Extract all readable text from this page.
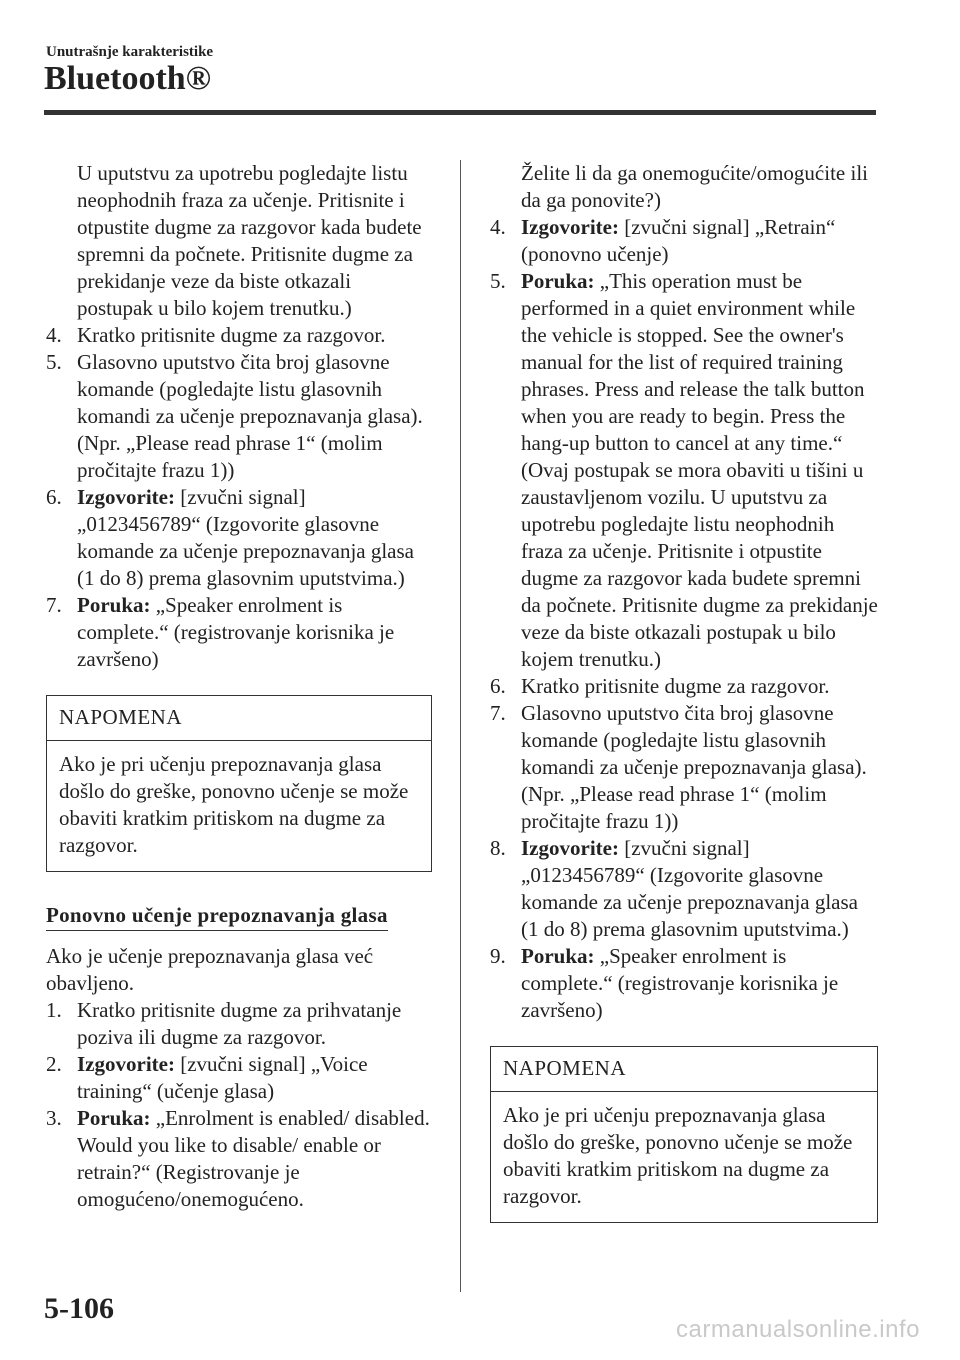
Unutrašnje karakteristike
Bluetooth®

U uputstvu za upotrebu pogledajte listu neophodnih fraza za učenje. Pritisnite i otpustite dugme za razgovor kada budete spremni da počnete. Pritisnite dugme za prekidanje veze da biste otkazali postupak u bilo kojem trenutku.)

4. Kratko pritisnite dugme za razgovor.
5. Glasovno uputstvo čita broj glasovne komande (pogledajte listu glasovnih komandi za učenje prepoznavanja glasa). (Npr. „Please read phrase 1“ (molim pročitajte frazu 1))
6. Izgovorite: [zvučni signal] „0123456789“ (Izgovorite glasovne komande za učenje prepoznavanja glasa (1 do 8) prema glasovnim uputstvima.)
7. Poruka: „Speaker enrolment is complete.“ (registrovanje korisnika je završeno)
NAPOMENA
Ako je pri učenju prepoznavanja glasa došlo do greške, ponovno učenje se može obaviti kratkim pritiskom na dugme za razgovor.
Ponovno učenje prepoznavanja glasa

Ako je učenje prepoznavanja glasa već obavljeno.

1. Kratko pritisnite dugme za prihvatanje poziva ili dugme za razgovor.
2. Izgovorite: [zvučni signal] „Voice training“ (učenje glasa)
3. Poruka: „Enrolment is enabled/ disabled. Would you like to disable/ enable or retrain?“ (Registrovanje je omogućeno/onemogućeno.

Želite li da ga onemogućite/omogućite ili da ga ponovite?)

4. Izgovorite: [zvučni signal] „Retrain“ (ponovno učenje)
5. Poruka: „This operation must be performed in a quiet environment while the vehicle is stopped. See the owner's manual for the list of required training phrases. Press and release the talk button when you are ready to begin. Press the hang-up button to cancel at any time.“ (Ovaj postupak se mora obaviti u tišini u zaustavljenom vozilu. U uputstvu za upotrebu pogledajte listu neophodnih fraza za učenje. Pritisnite i otpustite dugme za razgovor kada budete spremni da počnete. Pritisnite dugme za prekidanje veze da biste otkazali postupak u bilo kojem trenutku.)
6. Kratko pritisnite dugme za razgovor.
7. Glasovno uputstvo čita broj glasovne komande (pogledajte listu glasovnih komandi za učenje prepoznavanja glasa). (Npr. „Please read phrase 1“ (molim pročitajte frazu 1))
8. Izgovorite: [zvučni signal] „0123456789“ (Izgovorite glasovne komande za učenje prepoznavanja glasa (1 do 8) prema glasovnim uputstvima.)
9. Poruka: „Speaker enrolment is complete.“ (registrovanje korisnika je završeno)
NAPOMENA
Ako je pri učenju prepoznavanja glasa došlo do greške, ponovno učenje se može obaviti kratkim pritiskom na dugme za razgovor.
5-106
carmanualsonline.info
